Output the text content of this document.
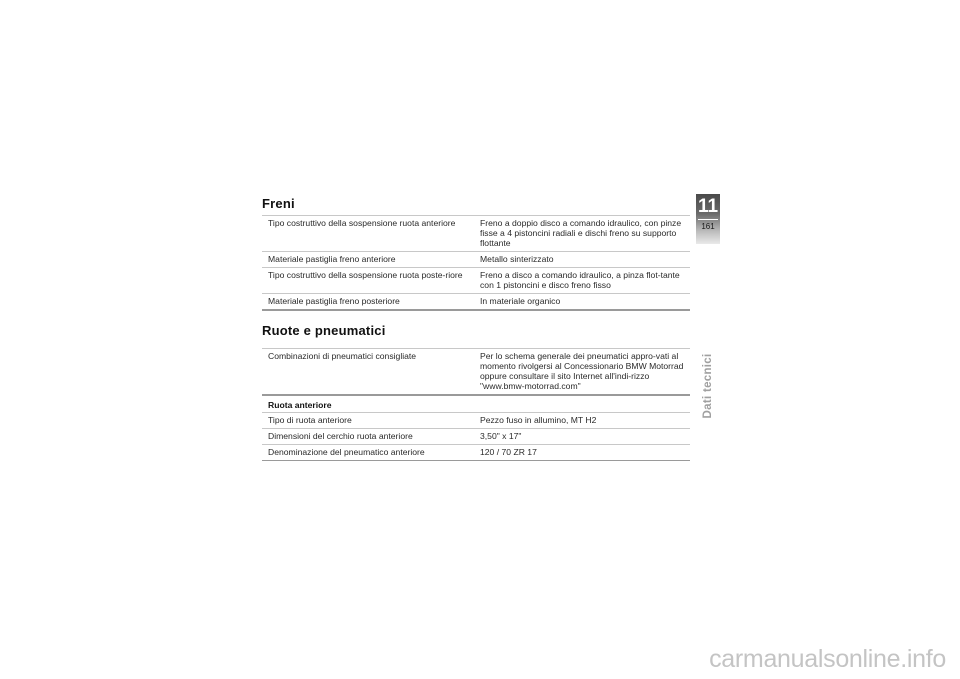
Freni
Tipo costruttivo della sospensione ruota anteriore	Freno a doppio disco a comando idraulico, con pinze fisse a 4 pistoncini radiali e dischi freno su supporto flottante
Materiale pastiglia freno anteriore	Metallo sinterizzato
Tipo costruttivo della sospensione ruota poste-riore	Freno a disco a comando idraulico, a pinza flot-tante con 1 pistoncini e disco freno fisso
Materiale pastiglia freno posteriore	In materiale organico
Ruote e pneumatici
Combinazioni di pneumatici consigliate	Per lo schema generale dei pneumatici appro-vati al momento rivolgersi al Concessionario BMW Motorrad oppure consultare il sito Internet all'indi-rizzo "www.bmw-motorrad.com"
Ruota anteriore
Tipo di ruota anteriore	Pezzo fuso in allumino, MT H2
Dimensioni del cerchio ruota anteriore	3,50" x 17"
Denominazione del pneumatico anteriore	120 / 70 ZR 17
11
161
Dati tecnici
carmanualsonline.info
